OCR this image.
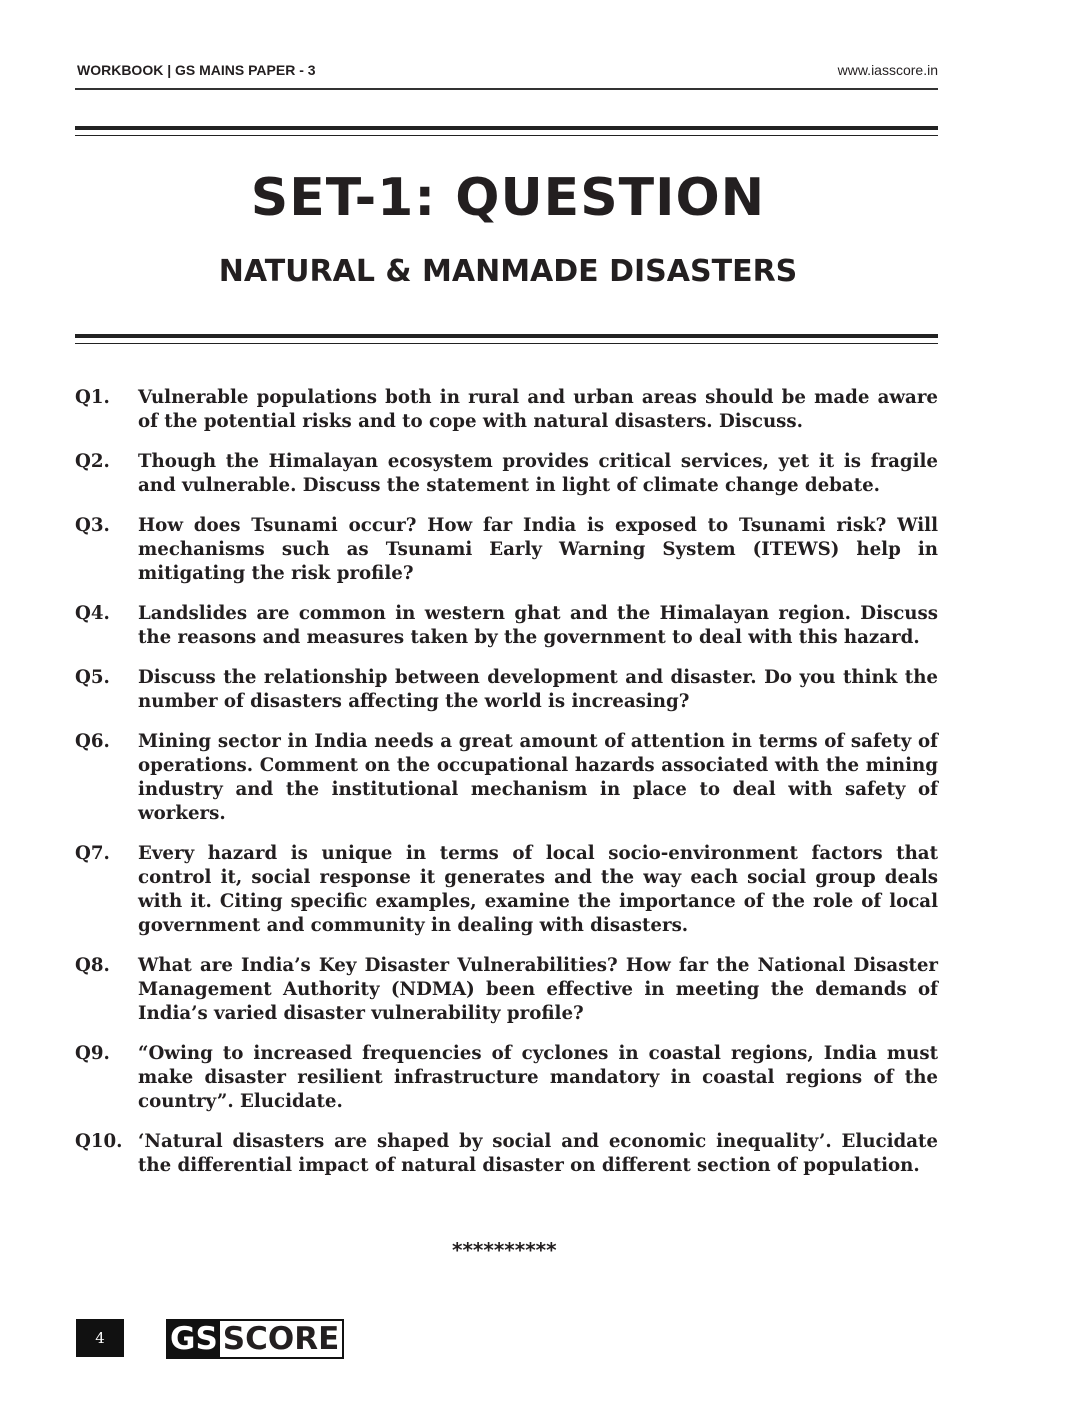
WORKBOOK | GS MAINS PAPER - 3	www.iasscore.in
SET-1: QUESTION
NATURAL & MANMADE DISASTERS
Q1.	Vulnerable populations both in rural and urban areas should be made aware of the potential risks and to cope with natural disasters. Discuss.
Q2.	Though the Himalayan ecosystem provides critical services, yet it is fragile and vulnerable. Discuss the statement in light of climate change debate.
Q3.	How does Tsunami occur? How far India is exposed to Tsunami risk? Will mechanisms such as Tsunami Early Warning System (ITEWS) help in mitigating the risk profile?
Q4.	Landslides are common in western ghat and the Himalayan region. Discuss the reasons and measures taken by the government to deal with this hazard.
Q5.	Discuss the relationship between development and disaster. Do you think the number of disasters affecting the world is increasing?
Q6.	Mining sector in India needs a great amount of attention in terms of safety of operations. Comment on the occupational hazards associated with the mining industry and the institutional mechanism in place to deal with safety of workers.
Q7.	Every hazard is unique in terms of local socio-environment factors that control it, social response it generates and the way each social group deals with it. Citing specific examples, examine the importance of the role of local government and community in dealing with disasters.
Q8.	What are India’s Key Disaster Vulnerabilities? How far the National Disaster Management Authority (NDMA) been effective in meeting the demands of India’s varied disaster vulnerability profile?
Q9.	“Owing to increased frequencies of cyclones in coastal regions, India must make disaster resilient infrastructure mandatory in coastal regions of the country”. Elucidate.
Q10. ‘Natural disasters are shaped by social and economic inequality’. Elucidate the differential impact of natural disaster on different section of population.
**********
4	GS SCORE
